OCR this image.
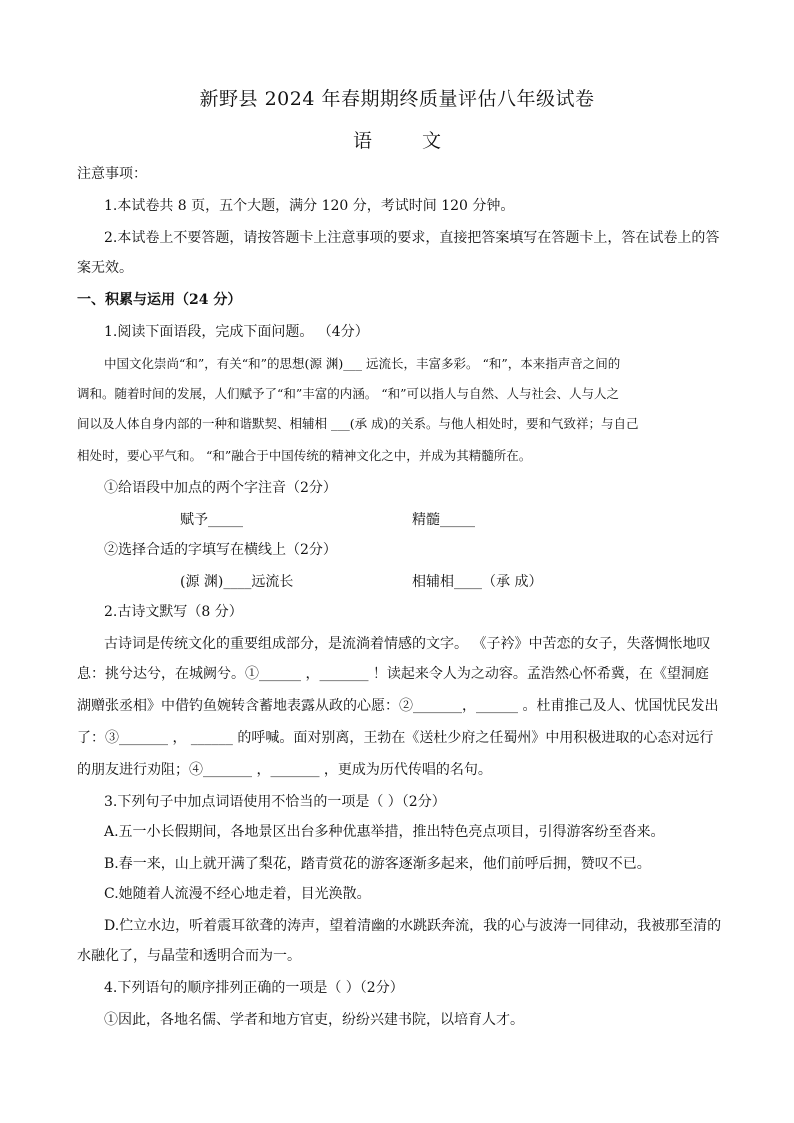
新野县 2024 年春期期终质量评估八年级试卷
语 文
注意事项：
1.本试卷共 8 页，五个大题，满分 120 分，考试时间 120 分钟。
2.本试卷上不要答题，请按答题卡上注意事项的要求，直接把答案填写在答题卡上，答在试卷上的答
案无效。
一、积累与运用（24 分）
1.阅读下面语段，完成下面问题。 （4分）
中国文化崇尚“和”，有关“和”的思想(源 渊)___ 远流长，丰富多彩。 “和”，本来指声音之间的
调和。随着时间的发展，人们赋予了“和”丰富的内涵。 “和”可以指人与自然、人与社会、人与人之
间以及人体自身内部的一种和谐默契、相辅相 ___(承 成)的关系。与他人相处时，要和气致祥；与自己
相处时，要心平气和。 “和”融合于中国传统的精神文化之中，并成为其精髓所在。
①给语段中加点的两个字注音（2分）
赋予_____	精髓_____
②选择合适的字填写在横线上（2分）
(源 渊)____远流长	相辅相____（承 成）
2.古诗文默写（8 分）
古诗词是传统文化的重要组成部分，是流淌着情感的文字。 《子衿》中苦恋的女子，失落惆怅地叹
息：挑兮达兮，在城阙兮。①______ ，_______ ！读起来令人为之动容。孟浩然心怀希冀，在《望洞庭
湖赠张丞相》中借钓鱼婉转含蓄地表露从政的心愿：②_______，______ 。杜甫推己及人、忧国忧民发出
了：③_______ ， ______ 的呼喊。面对别离，王勃在《送杜少府之任蜀州》中用积极进取的心态对远行
的朋友进行劝阻；④_______ ，_______ ，更成为历代传唱的名句。
3.下列句子中加点词语使用不恰当的一项是（ ）（2分）
A.五一小长假期间，各地景区出台多种优惠举措，推出特色亮点项目，引得游客纷至沓来。
B.春一来，山上就开满了梨花，踏青赏花的游客逐渐多起来，他们前呼后拥，赞叹不已。
C.她随着人流漫不经心地走着，目光涣散。
D.伫立水边，听着震耳欲聋的涛声，望着清幽的水跳跃奔流，我的心与波涛一同律动，我被那至清的
水融化了，与晶莹和透明合而为一。
4.下列语句的顺序排列正确的一项是（ ）（2分）
①因此，各地名儒、学者和地方官吏，纷纷兴建书院，以培育人才。
